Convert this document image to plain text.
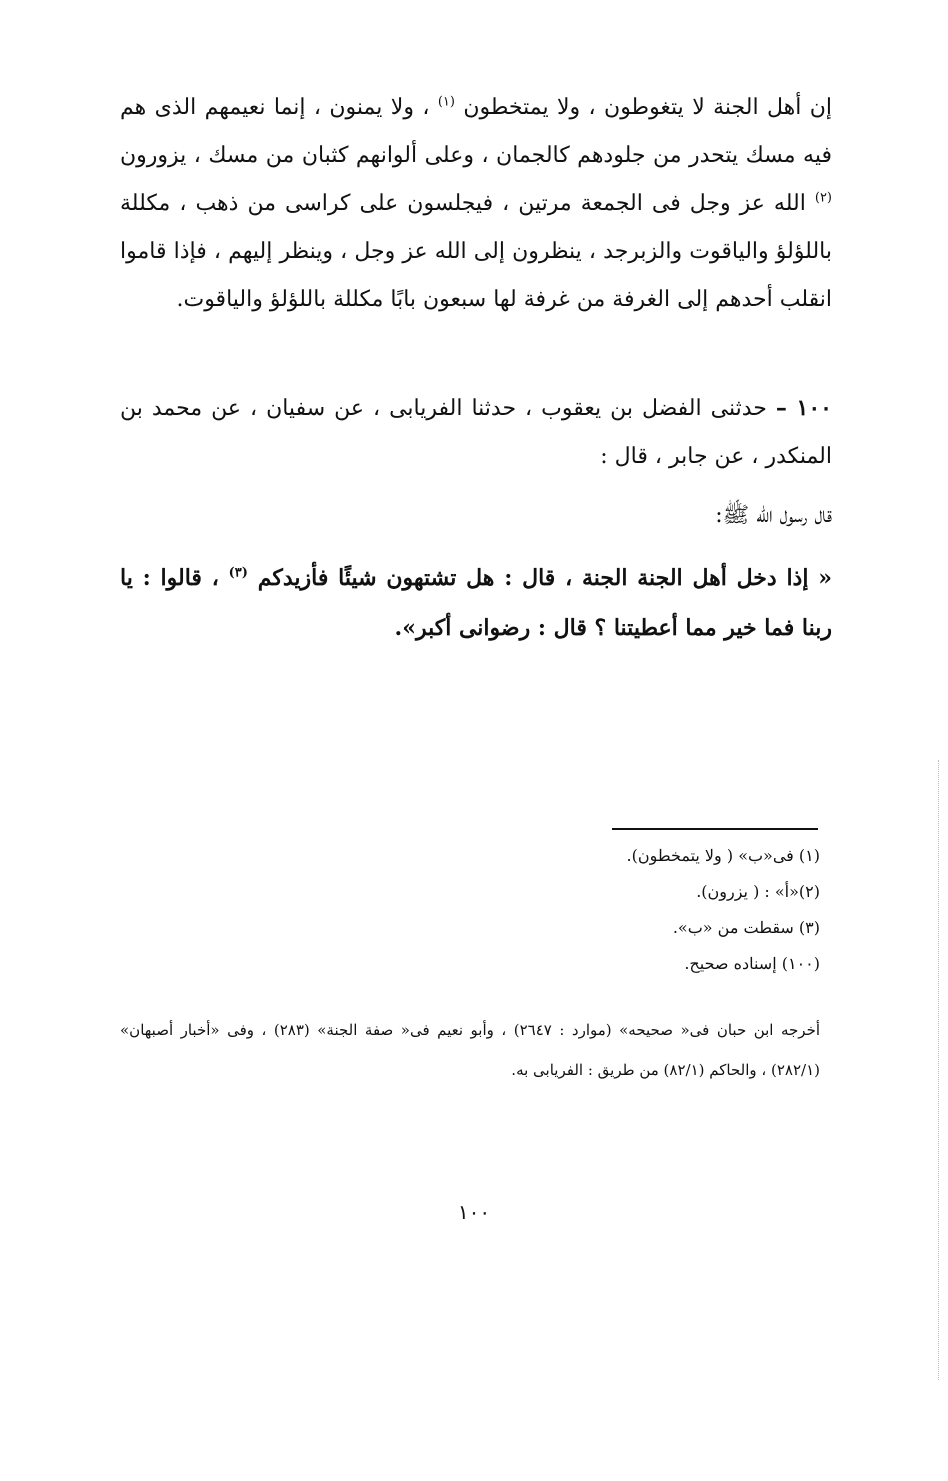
إن أهل الجنة لا يتغوطون ، ولا يمتخطون $^{(١)}$ ، ولا يمنون ، إنما نعيمهم الذى هم فيه مسك يتحدر من جلودهم كالجمان ، وعلى ألوانهم كثبان من مسك ، يزورون $^{(٢)}$ الله عز وجل فى الجمعة مرتين ، فيجلسون على كراسى من ذهب ، مكللة باللؤلؤ والياقوت والزبرجد ، ينظرون إلى الله عز وجل ، وينظر إليهم ، فإذا قاموا انقلب أحدهم إلى الغرفة من غرفة لها سبعون بابًا مكللة باللؤلؤ والياقوت.

١٠٠ – حدثنى الفضل بن يعقوب ، حدثنا الفريابى ، عن سفيان ، عن محمد بن المنكدر ، عن جابر ، قال :

قال رسول الله ﷺ:

« إذا دخل أهل الجنة الجنة ، قال : هل تشتهون شيئًا فأزيدكم $^{(٣)}$ ، قالوا : يا ربنا فما خير مما أعطيتنا ؟ قال : رضوانى أكبر».

(١) فى«ب» ( ولا يتمخطون).
(٢)«أ» : ( يزرون).
(٣) سقطت من «ب».
(١٠٠) إسناده صحيح.

أخرجه ابن حبان فى« صحيحه» (موارد : ٢٦٤٧) ، وأبو نعيم فى« صفة الجنة» (٢٨٣) ، وفى «أخبار أصبهان» (٢٨٢/١) ، والحاكم (٨٢/١) من طريق : الفريابى به.

١٠٠
